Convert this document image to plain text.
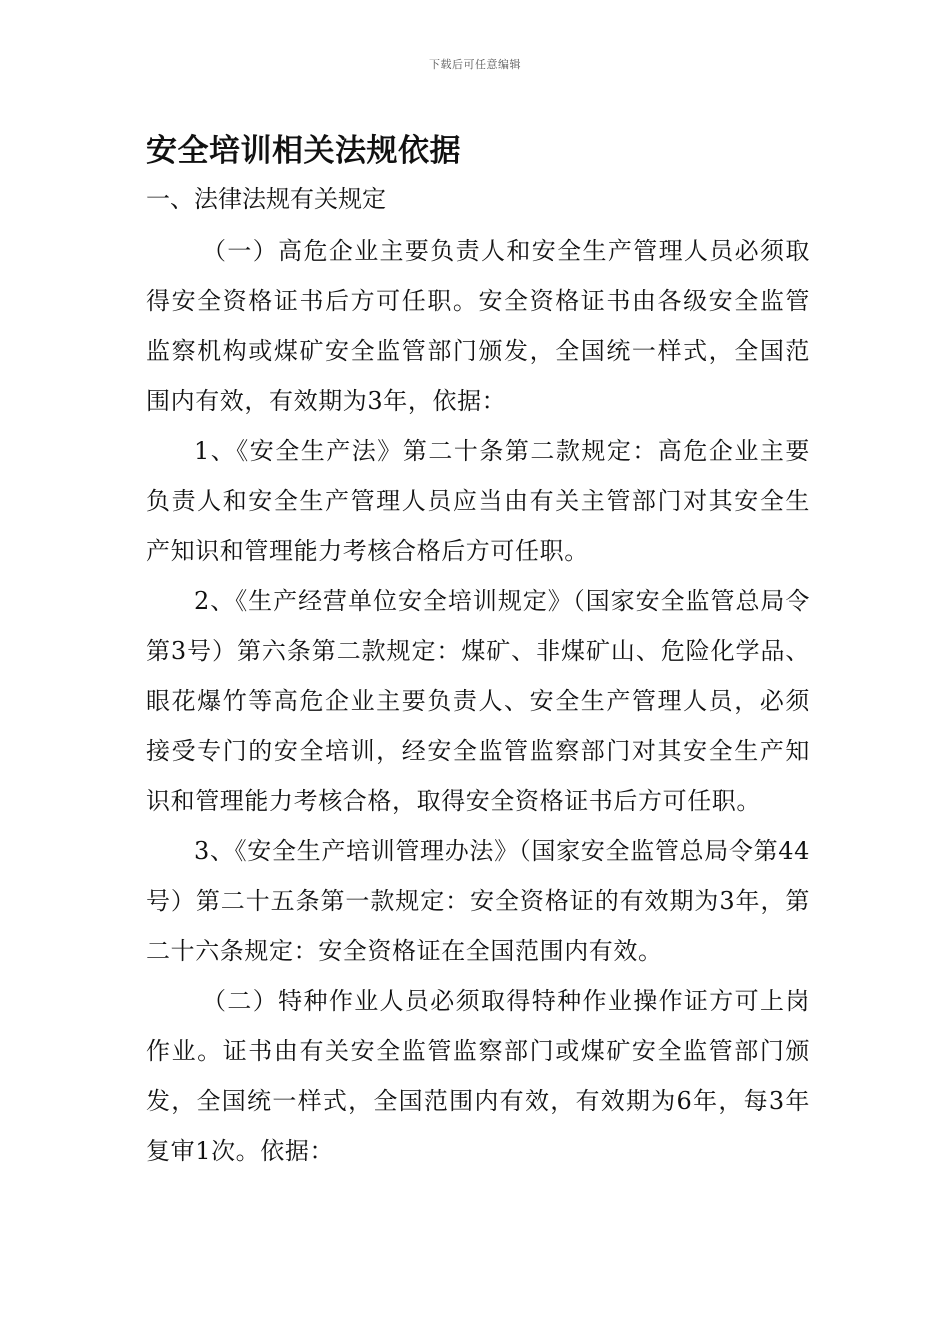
下载后可任意编辑
安全培训相关法规依据

一、法律法规有关规定

（一）高危企业主要负责人和安全生产管理人员必须取得安全资格证书后方可任职。安全资格证书由各级安全监管监察机构或煤矿安全监管部门颁发，全国统一样式，全国范围内有效，有效期为3年，依据：

1、《安全生产法》第二十条第二款规定：高危企业主要负责人和安全生产管理人员应当由有关主管部门对其安全生产知识和管理能力考核合格后方可任职。

2、《生产经营单位安全培训规定》（国家安全监管总局令第3号）第六条第二款规定：煤矿、非煤矿山、危险化学品、眼花爆竹等高危企业主要负责人、安全生产管理人员，必须接受专门的安全培训，经安全监管监察部门对其安全生产知识和管理能力考核合格，取得安全资格证书后方可任职。

3、《安全生产培训管理办法》（国家安全监管总局令第44号）第二十五条第一款规定：安全资格证的有效期为3年，第二十六条规定：安全资格证在全国范围内有效。

（二）特种作业人员必须取得特种作业操作证方可上岗作业。证书由有关安全监管监察部门或煤矿安全监管部门颁发，全国统一样式，全国范围内有效，有效期为6年，每3年复审1次。依据：
